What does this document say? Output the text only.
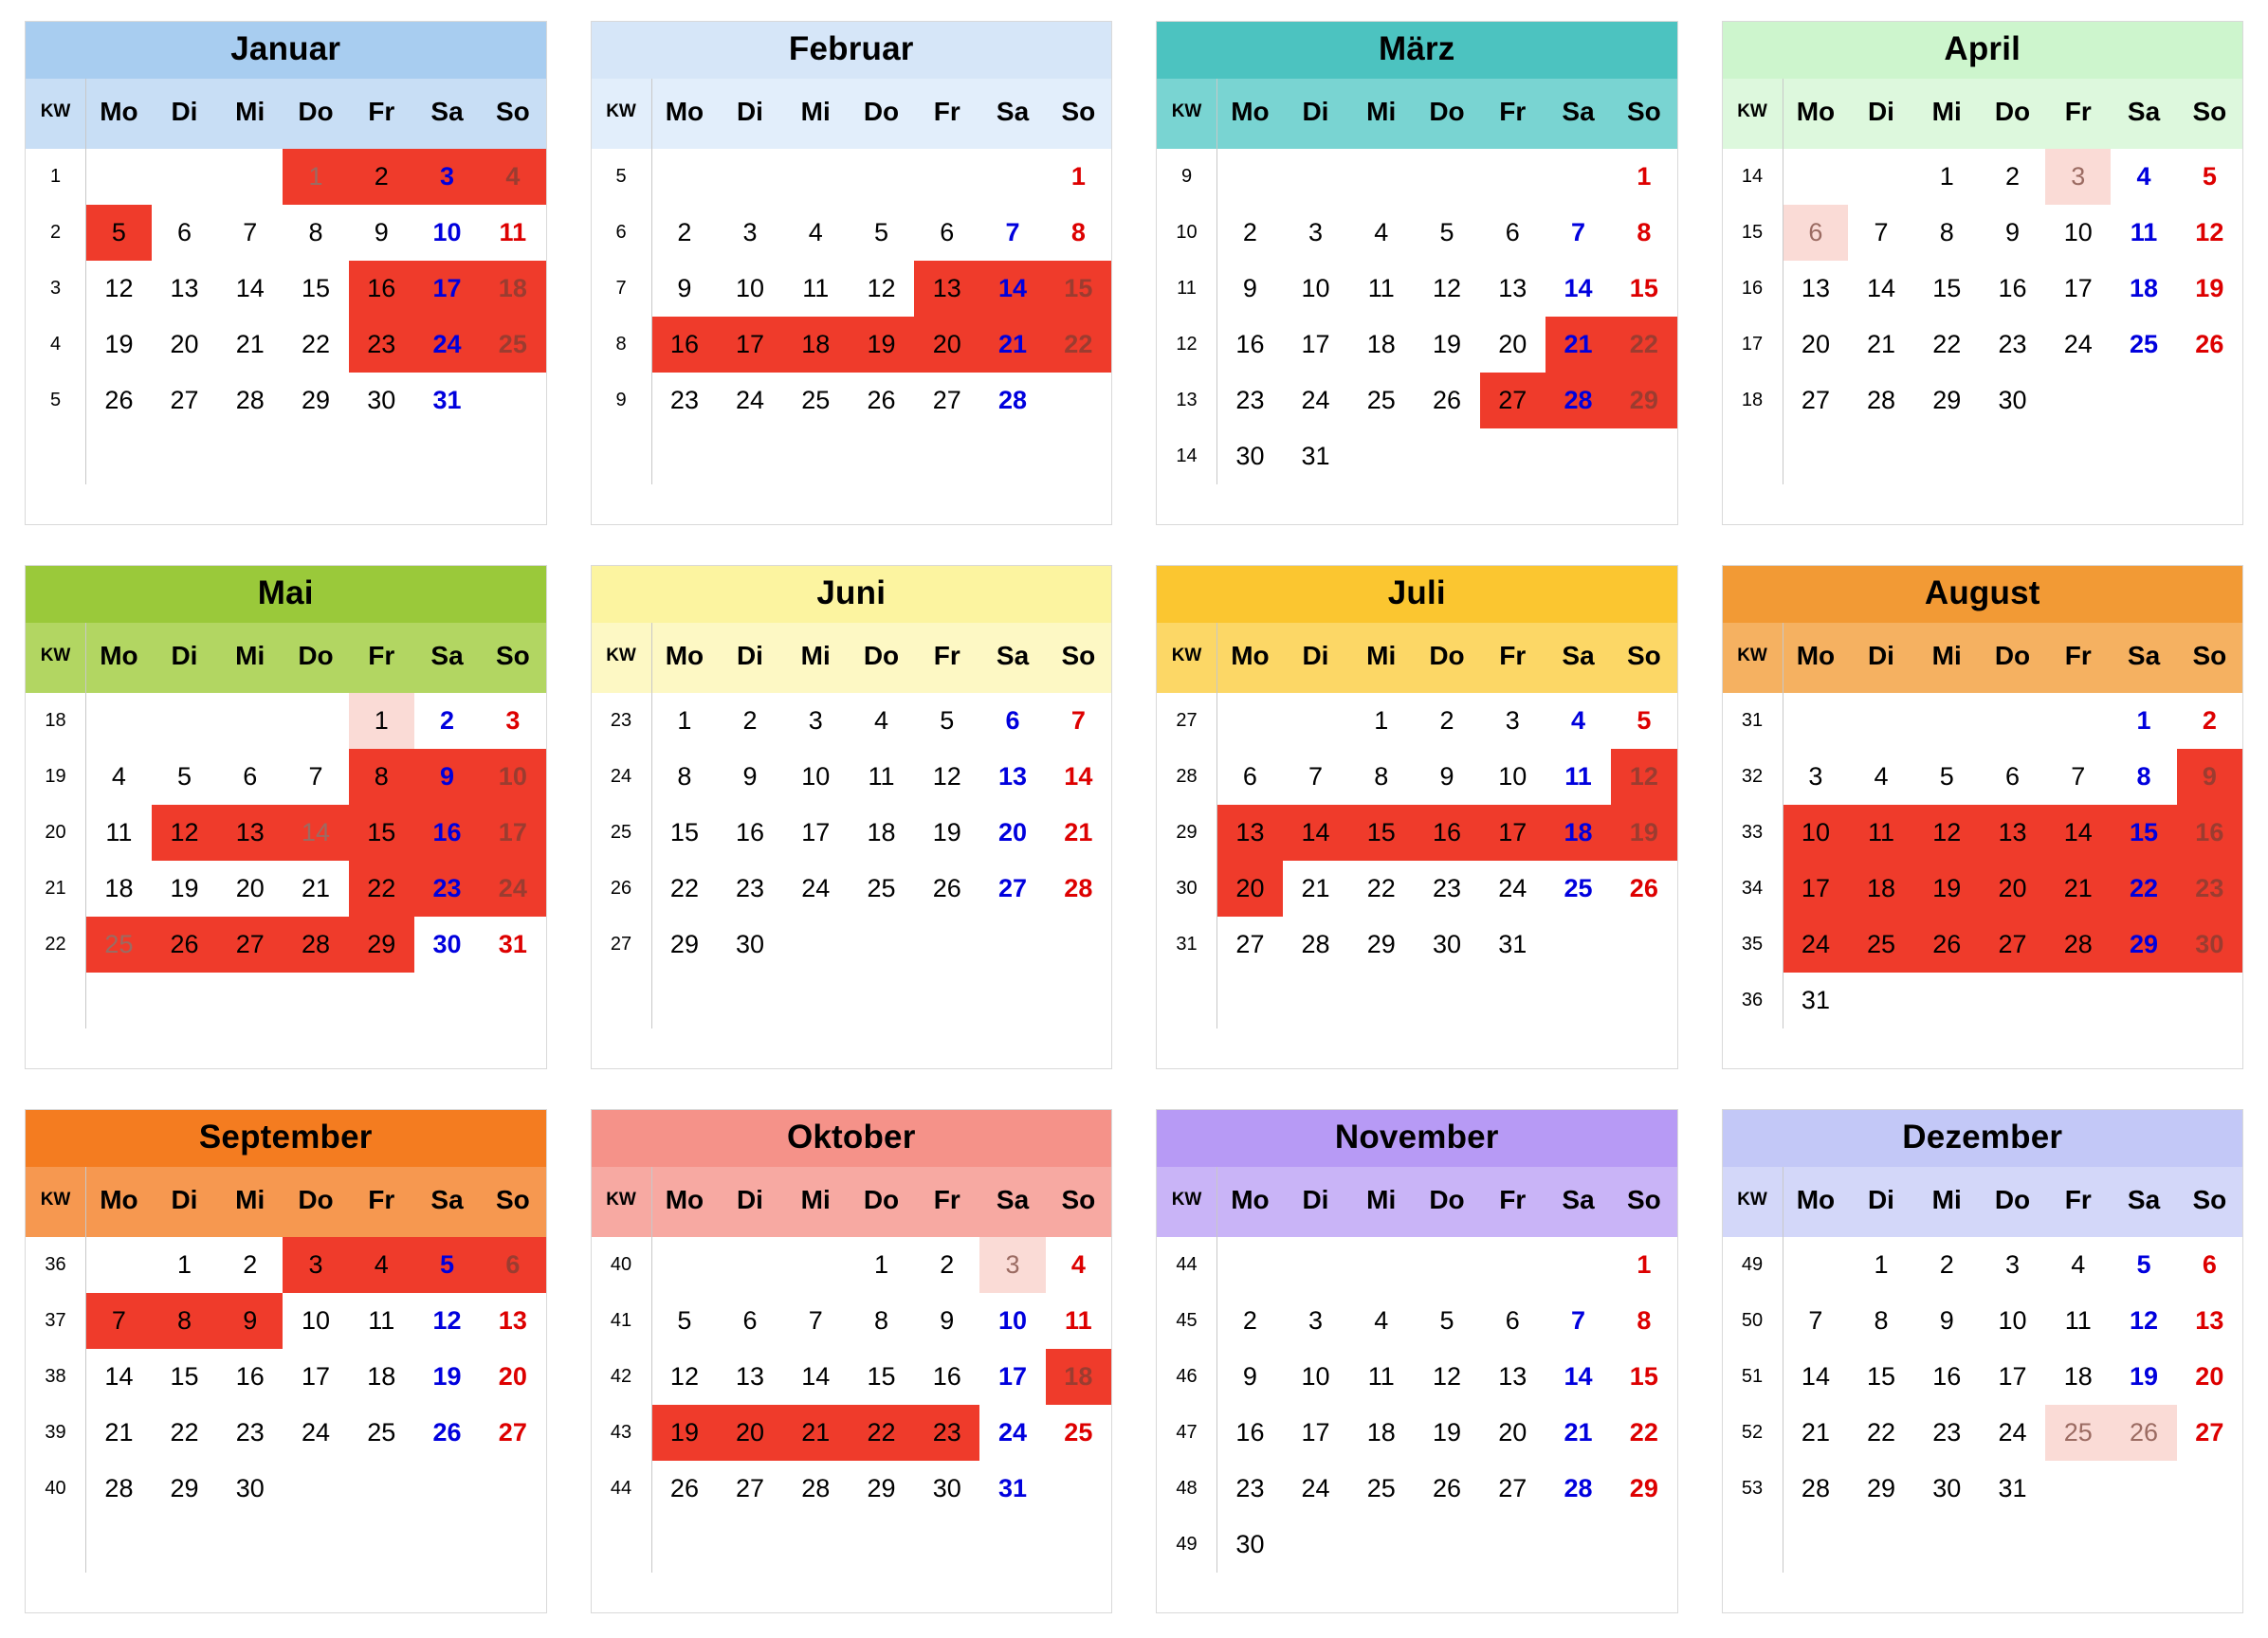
Januar
KW	Mo	Di	Mi	Do	Fr	Sa	So
1				1	2	3	4
2	5	6	7	8	9	10	11
3	12	13	14	15	16	17	18
4	19	20	21	22	23	24	25
5	26	27	28	29	30	31	

Februar
KW	Mo	Di	Mi	Do	Fr	Sa	So
5							1
6	2	3	4	5	6	7	8
7	9	10	11	12	13	14	15
8	16	17	18	19	20	21	22
9	23	24	25	26	27	28	

März
KW	Mo	Di	Mi	Do	Fr	Sa	So
9							1
10	2	3	4	5	6	7	8
11	9	10	11	12	13	14	15
12	16	17	18	19	20	21	22
13	23	24	25	26	27	28	29
14	30	31					
April
KW	Mo	Di	Mi	Do	Fr	Sa	So
14			1	2	3	4	5
15	6	7	8	9	10	11	12
16	13	14	15	16	17	18	19
17	20	21	22	23	24	25	26
18	27	28	29	30			

Mai
KW	Mo	Di	Mi	Do	Fr	Sa	So
18					1	2	3
19	4	5	6	7	8	9	10
20	11	12	13	14	15	16	17
21	18	19	20	21	22	23	24
22	25	26	27	28	29	30	31

Juni
KW	Mo	Di	Mi	Do	Fr	Sa	So
23	1	2	3	4	5	6	7
24	8	9	10	11	12	13	14
25	15	16	17	18	19	20	21
26	22	23	24	25	26	27	28
27	29	30					

Juli
KW	Mo	Di	Mi	Do	Fr	Sa	So
27			1	2	3	4	5
28	6	7	8	9	10	11	12
29	13	14	15	16	17	18	19
30	20	21	22	23	24	25	26
31	27	28	29	30	31		

August
KW	Mo	Di	Mi	Do	Fr	Sa	So
31						1	2
32	3	4	5	6	7	8	9
33	10	11	12	13	14	15	16
34	17	18	19	20	21	22	23
35	24	25	26	27	28	29	30
36	31						
September
KW	Mo	Di	Mi	Do	Fr	Sa	So
36		1	2	3	4	5	6
37	7	8	9	10	11	12	13
38	14	15	16	17	18	19	20
39	21	22	23	24	25	26	27
40	28	29	30				

Oktober
KW	Mo	Di	Mi	Do	Fr	Sa	So
40				1	2	3	4
41	5	6	7	8	9	10	11
42	12	13	14	15	16	17	18
43	19	20	21	22	23	24	25
44	26	27	28	29	30	31	

November
KW	Mo	Di	Mi	Do	Fr	Sa	So
44							1
45	2	3	4	5	6	7	8
46	9	10	11	12	13	14	15
47	16	17	18	19	20	21	22
48	23	24	25	26	27	28	29
49	30						
Dezember
KW	Mo	Di	Mi	Do	Fr	Sa	So
49		1	2	3	4	5	6
50	7	8	9	10	11	12	13
51	14	15	16	17	18	19	20
52	21	22	23	24	25	26	27
53	28	29	30	31			
